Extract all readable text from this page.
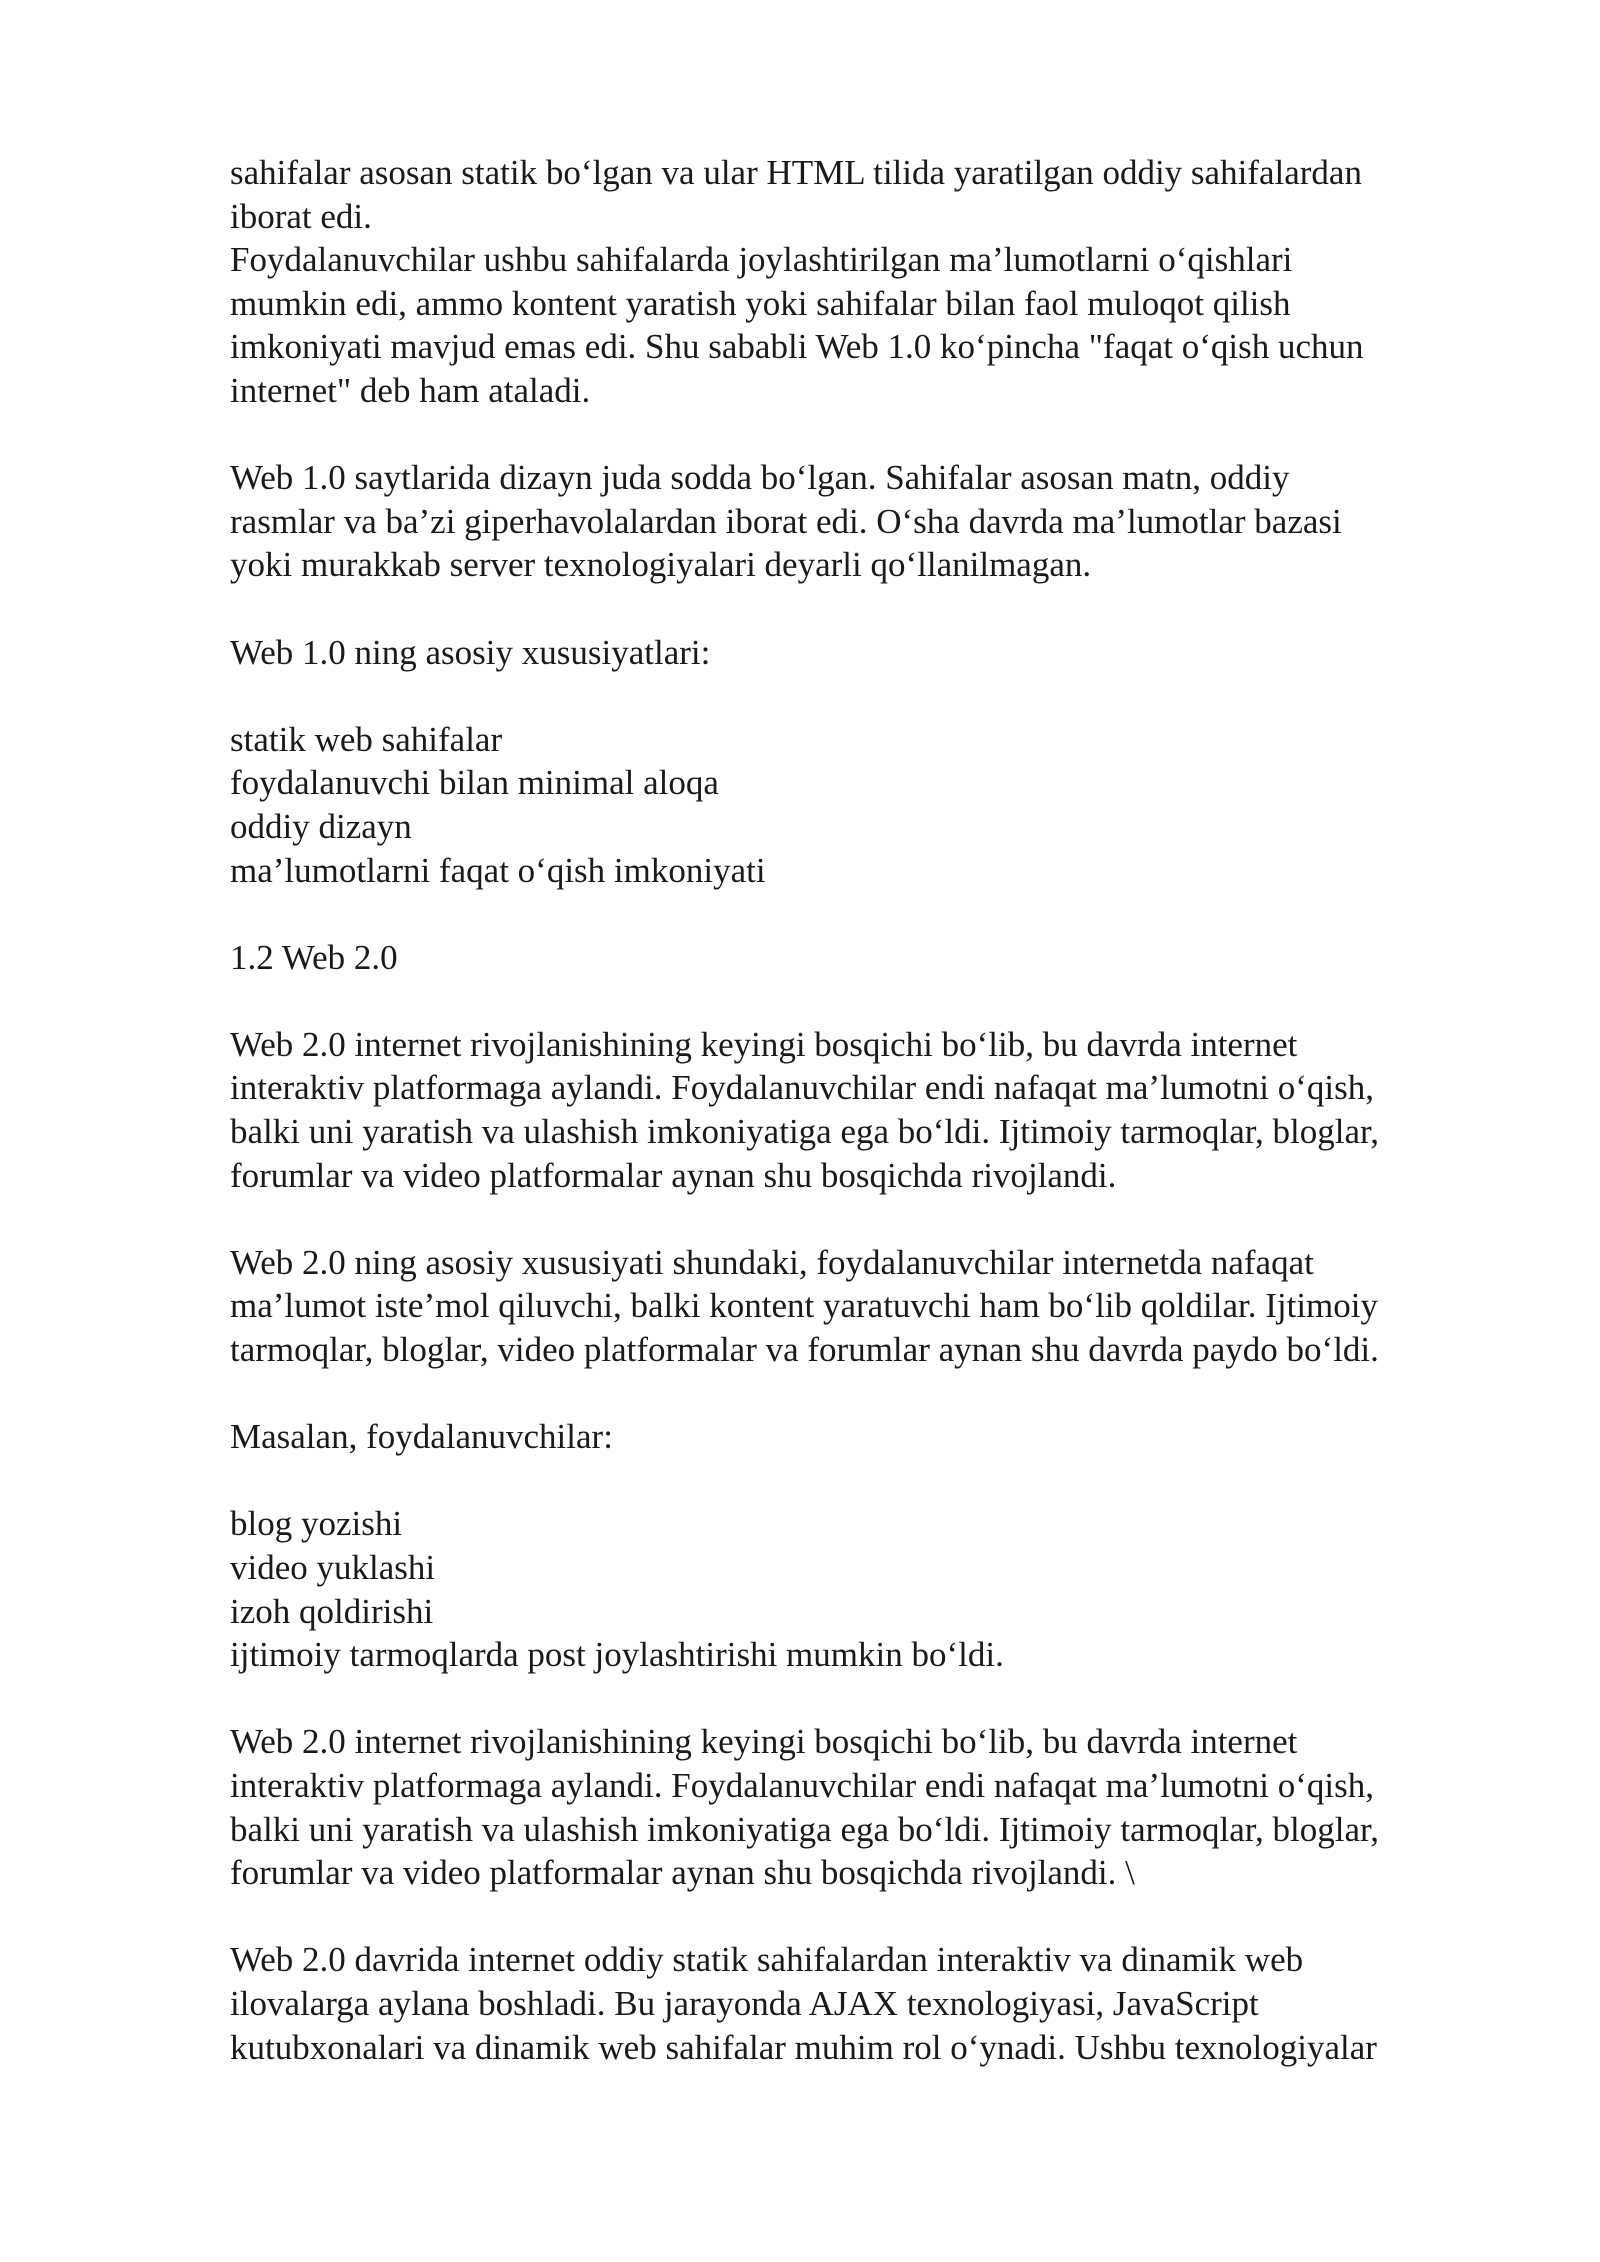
sahifalar asosan statik bo‘lgan va ular HTML tilida yaratilgan oddiy sahifalardan
iborat edi.
Foydalanuvchilar ushbu sahifalarda joylashtirilgan ma’lumotlarni o‘qishlari
mumkin edi, ammo kontent yaratish yoki sahifalar bilan faol muloqot qilish
imkoniyati mavjud emas edi. Shu sababli Web 1.0 ko‘pincha "faqat o‘qish uchun
internet" deb ham ataladi.
Web 1.0 saytlarida dizayn juda sodda bo‘lgan. Sahifalar asosan matn, oddiy
rasmlar va ba’zi giperhavolalardan iborat edi. O‘sha davrda ma’lumotlar bazasi
yoki murakkab server texnologiyalari deyarli qo‘llanilmagan.
Web 1.0 ning asosiy xususiyatlari:
statik web sahifalar
foydalanuvchi bilan minimal aloqa
oddiy dizayn
ma’lumotlarni faqat o‘qish imkoniyati
1.2 Web 2.0
Web 2.0 internet rivojlanishining keyingi bosqichi bo‘lib, bu davrda internet
interaktiv platformaga aylandi. Foydalanuvchilar endi nafaqat ma’lumotni o‘qish,
balki uni yaratish va ulashish imkoniyatiga ega bo‘ldi. Ijtimoiy tarmoqlar, bloglar,
forumlar va video platformalar aynan shu bosqichda rivojlandi.
Web 2.0 ning asosiy xususiyati shundaki, foydalanuvchilar internetda nafaqat
ma’lumot iste’mol qiluvchi, balki kontent yaratuvchi ham bo‘lib qoldilar. Ijtimoiy
tarmoqlar, bloglar, video platformalar va forumlar aynan shu davrda paydo bo‘ldi.
Masalan, foydalanuvchilar:
blog yozishi
video yuklashi
izoh qoldirishi
ijtimoiy tarmoqlarda post joylashtirishi mumkin bo‘ldi.
Web 2.0 internet rivojlanishining keyingi bosqichi bo‘lib, bu davrda internet
interaktiv platformaga aylandi. Foydalanuvchilar endi nafaqat ma’lumotni o‘qish,
balki uni yaratish va ulashish imkoniyatiga ega bo‘ldi. Ijtimoiy tarmoqlar, bloglar,
forumlar va video platformalar aynan shu bosqichda rivojlandi. \
Web 2.0 davrida internet oddiy statik sahifalardan interaktiv va dinamik web
ilovalarga aylana boshladi. Bu jarayonda AJAX texnologiyasi, JavaScript
kutubxonalari va dinamik web sahifalar muhim rol o‘ynadi. Ushbu texnologiyalar
